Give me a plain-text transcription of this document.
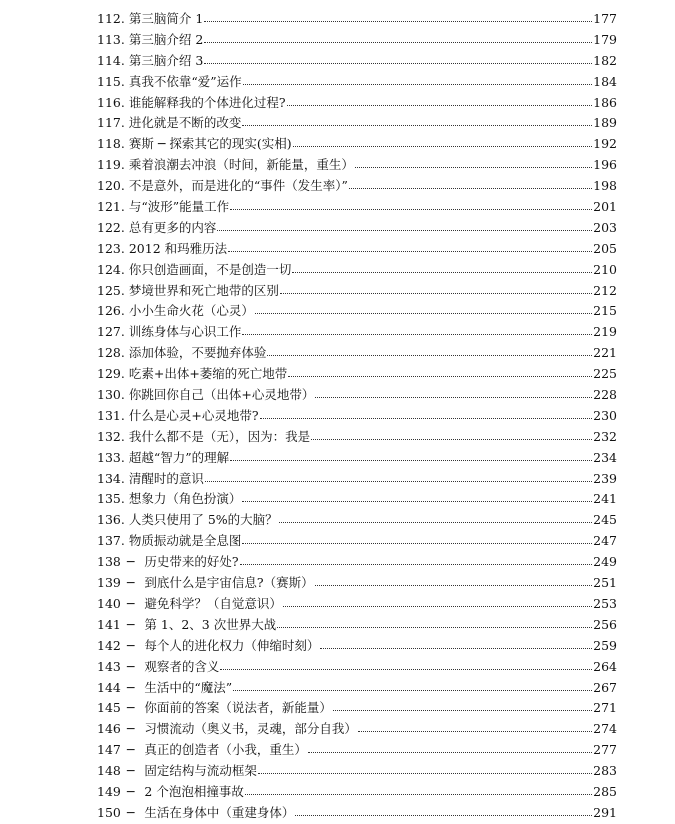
112. 第三脑简介 1	177
113. 第三脑介绍 2	179
114. 第三脑介绍 3	182
115. 真我不依靠“爱”运作	184
116. 谁能解释我的个体进化过程?	186
117. 进化就是不断的改变	189
118. 赛斯 ─ 探索其它的现实(实相)	192
119. 乘着浪潮去冲浪（时间，新能量，重生）	196
120. 不是意外，而是进化的“事件（发生率）”	198
121. 与“波形”能量工作	201
122. 总有更多的内容	203
123. 2012 和玛雅历法	205
124. 你只创造画面，不是创造一切	210
125. 梦境世界和死亡地带的区别	212
126. 小小生命火花（心灵）	215
127. 训练身体与心识工作	219
128. 添加体验，不要抛弃体验	221
129. 吃素+出体+萎缩的死亡地带	225
130. 你跳回你自己（出体+心灵地带）	228
131. 什么是心灵+心灵地带?	230
132. 我什么都不是（无），因为：我是	232
133. 超越“智力”的理解	234
134. 清醒时的意识	239
135. 想象力（角色扮演）	241
136. 人类只使用了 5%的大脑？	245
137. 物质振动就是全息图	247
138 ─ 历史带来的好处?	249
139 ─ 到底什么是宇宙信息?（赛斯）	251
140 ─ 避免科学？（自觉意识）	253
141 ─ 第 1、2、3 次世界大战	256
142 ─ 每个人的进化权力（伸缩时刻）	259
143 ─ 观察者的含义	264
144 ─ 生活中的“魔法”	267
145 ─ 你面前的答案（说法者，新能量）	271
146 ─ 习惯流动（奥义书，灵魂，部分自我）	274
147 ─ 真正的创造者（小我，重生）	277
148 ─ 固定结构与流动框架	283
149 ─ 2 个泡泡相撞事故	285
150 ─ 生活在身体中（重建身体）	291
